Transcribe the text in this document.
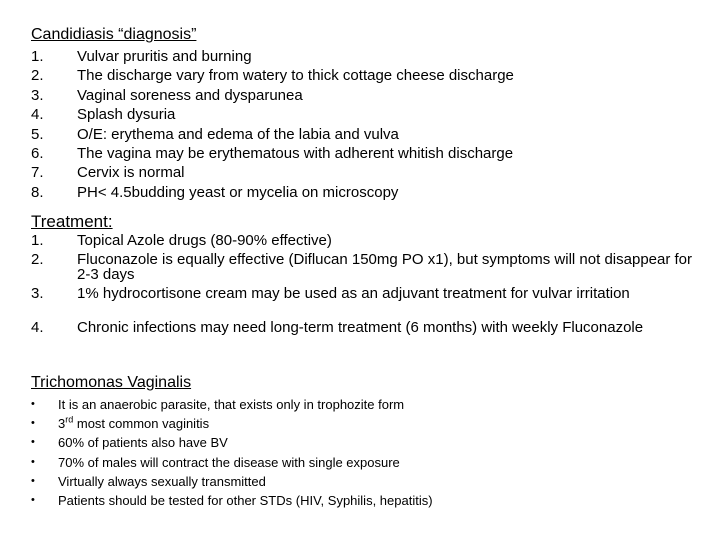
Candidiasis “diagnosis”
1. Vulvar pruritis and burning
2. The discharge vary from watery to thick cottage cheese discharge
3. Vaginal soreness and dysparunea
4. Splash dysuria
5. O/E: erythema and edema of the labia and vulva
6. The vagina may be erythematous with adherent whitish discharge
7. Cervix is normal
8. PH< 4.5budding yeast or mycelia on microscopy
Treatment:
1. Topical Azole drugs (80-90% effective)
2. Fluconazole is equally effective (Diflucan 150mg PO x1), but symptoms will not disappear for 2-3 days
3. 1% hydrocortisone cream may be used as an adjuvant treatment for vulvar irritation
4. Chronic infections may need long-term treatment (6 months) with weekly Fluconazole
Trichomonas Vaginalis
• It is an anaerobic parasite, that exists only in trophozite form
• 3rd most common vaginitis
• 60% of patients also have BV
• 70% of males will contract the disease with single exposure
• Virtually always sexually transmitted
• Patients should be tested for other STDs (HIV, Syphilis, hepatitis)
